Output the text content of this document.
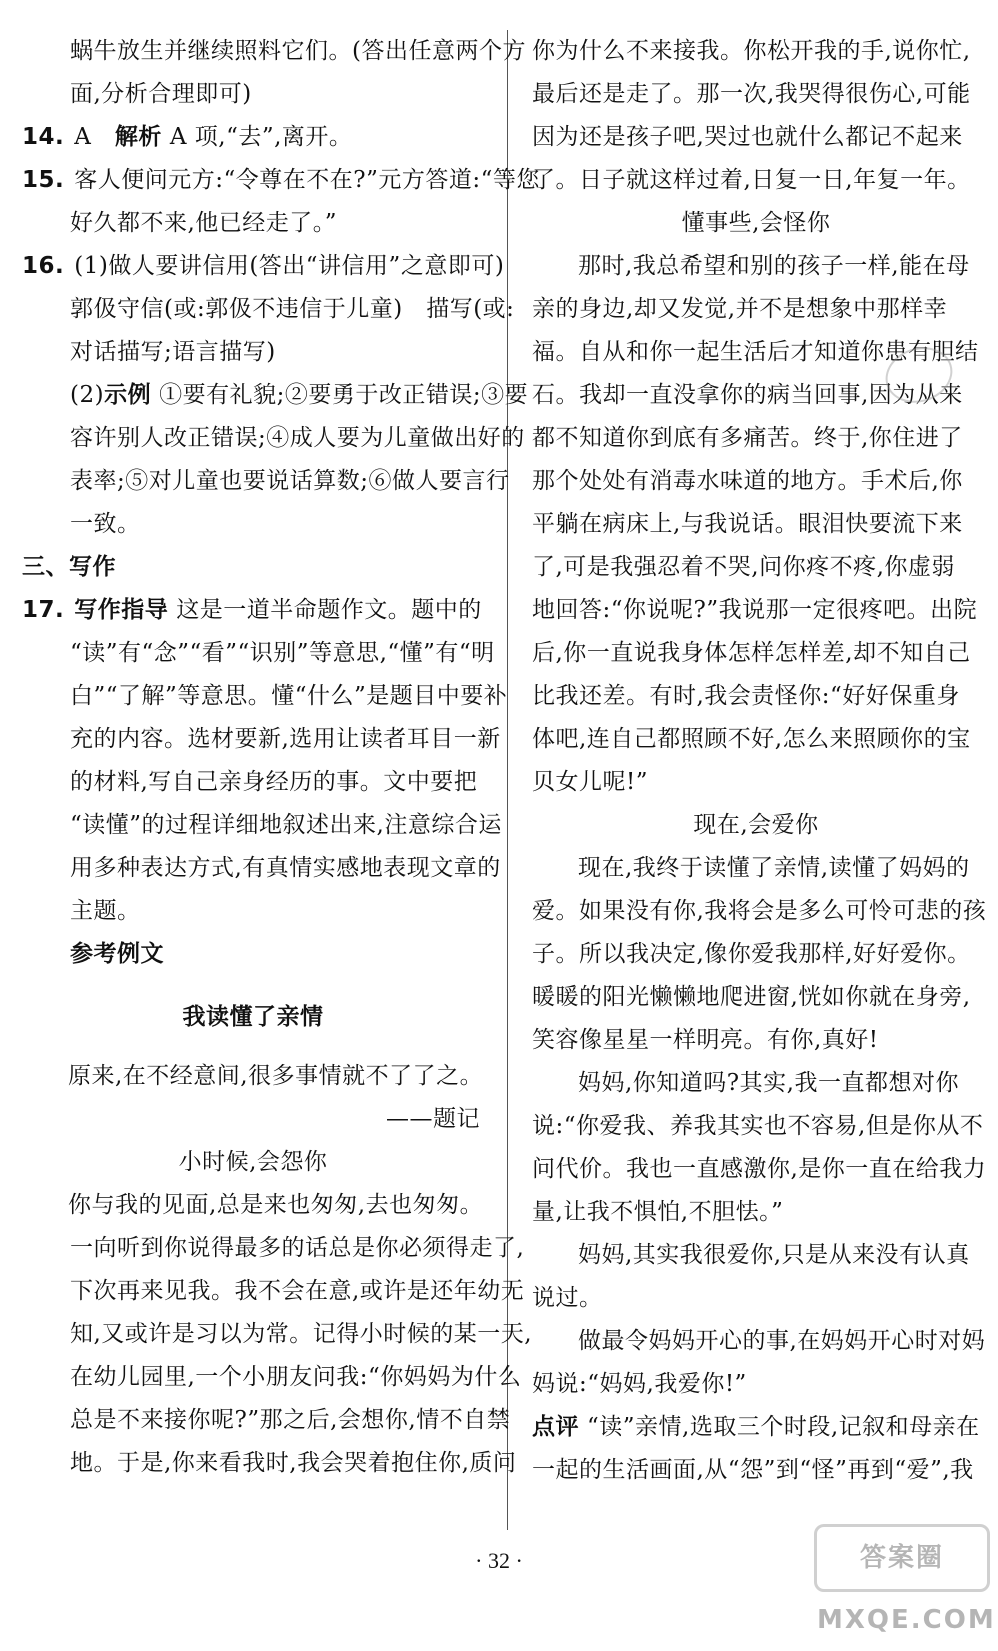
蜗牛放生并继续照料它们。(答出任意两个方

面,分析合理即可)

14. A　 解析 A 项,“去”,离开。

15. 客人便问元方:“令尊在不在?”元方答道:“等您

好久都不来,他已经走了。”

16. (1)做人要讲信用(答出“讲信用”之意即可)

郭伋守信(或:郭伋不违信于儿童)　描写(或:

对话描写;语言描写)

(2)示例 ①要有礼貌;②要勇于改正错误;③要

容许别人改正错误;④成人要为儿童做出好的

表率;⑤对儿童也要说话算数;⑥做人要言行

一致。

三、写作

17. 写作指导 这是一道半命题作文。题中的

“读”有“念”“看”“识别”等意思,“懂”有“明

白”“了解”等意思。懂“什么”是题目中要补

充的内容。选材要新,选用让读者耳目一新

的材料,写自己亲身经历的事。文中要把

“读懂”的过程详细地叙述出来,注意综合运

用多种表达方式,有真情实感地表现文章的

主题。

参考例文

我读懂了亲情

原来,在不经意间,很多事情就不了了之。

——题记

小时候,会怨你

你与我的见面,总是来也匆匆,去也匆匆。

一向听到你说得最多的话总是你必须得走了,

下次再来见我。我不会在意,或许是还年幼无

知,又或许是习以为常。记得小时候的某一天,

在幼儿园里,一个小朋友问我:“你妈妈为什么

总是不来接你呢?”那之后,会想你,情不自禁

地。于是,你来看我时,我会哭着抱住你,质问

你为什么不来接我。你松开我的手,说你忙,

最后还是走了。那一次,我哭得很伤心,可能

因为还是孩子吧,哭过也就什么都记不起来

了。日子就这样过着,日复一日,年复一年。

懂事些,会怪你

那时,我总希望和别的孩子一样,能在母

亲的身边,却又发觉,并不是想象中那样幸

福。自从和你一起生活后才知道你患有胆结

石。我却一直没拿你的病当回事,因为从来

都不知道你到底有多痛苦。终于,你住进了

那个处处有消毒水味道的地方。手术后,你

平躺在病床上,与我说话。眼泪快要流下来

了,可是我强忍着不哭,问你疼不疼,你虚弱

地回答:“你说呢?”我说那一定很疼吧。出院

后,你一直说我身体怎样怎样差,却不知自己

比我还差。有时,我会责怪你:“好好保重身

体吧,连自己都照顾不好,怎么来照顾你的宝

贝女儿呢!”

现在,会爱你

现在,我终于读懂了亲情,读懂了妈妈的

爱。如果没有你,我将会是多么可怜可悲的孩

子。所以我决定,像你爱我那样,好好爱你。

暖暖的阳光懒懒地爬进窗,恍如你就在身旁,

笑容像星星一样明亮。有你,真好!

妈妈,你知道吗?其实,我一直都想对你

说:“你爱我、养我其实也不容易,但是你从不

问代价。我也一直感激你,是你一直在给我力

量,让我不惧怕,不胆怯。”

妈妈,其实我很爱你,只是从来没有认真

说过。

做最令妈妈开心的事,在妈妈开心时对妈

妈说:“妈妈,我爱你!”

点评 “读”亲情,选取三个时段,记叙和母亲在

一起的生活画面,从“怨”到“怪”再到“爱”,我

· 32 ·	答案圈 MXQE.COM
